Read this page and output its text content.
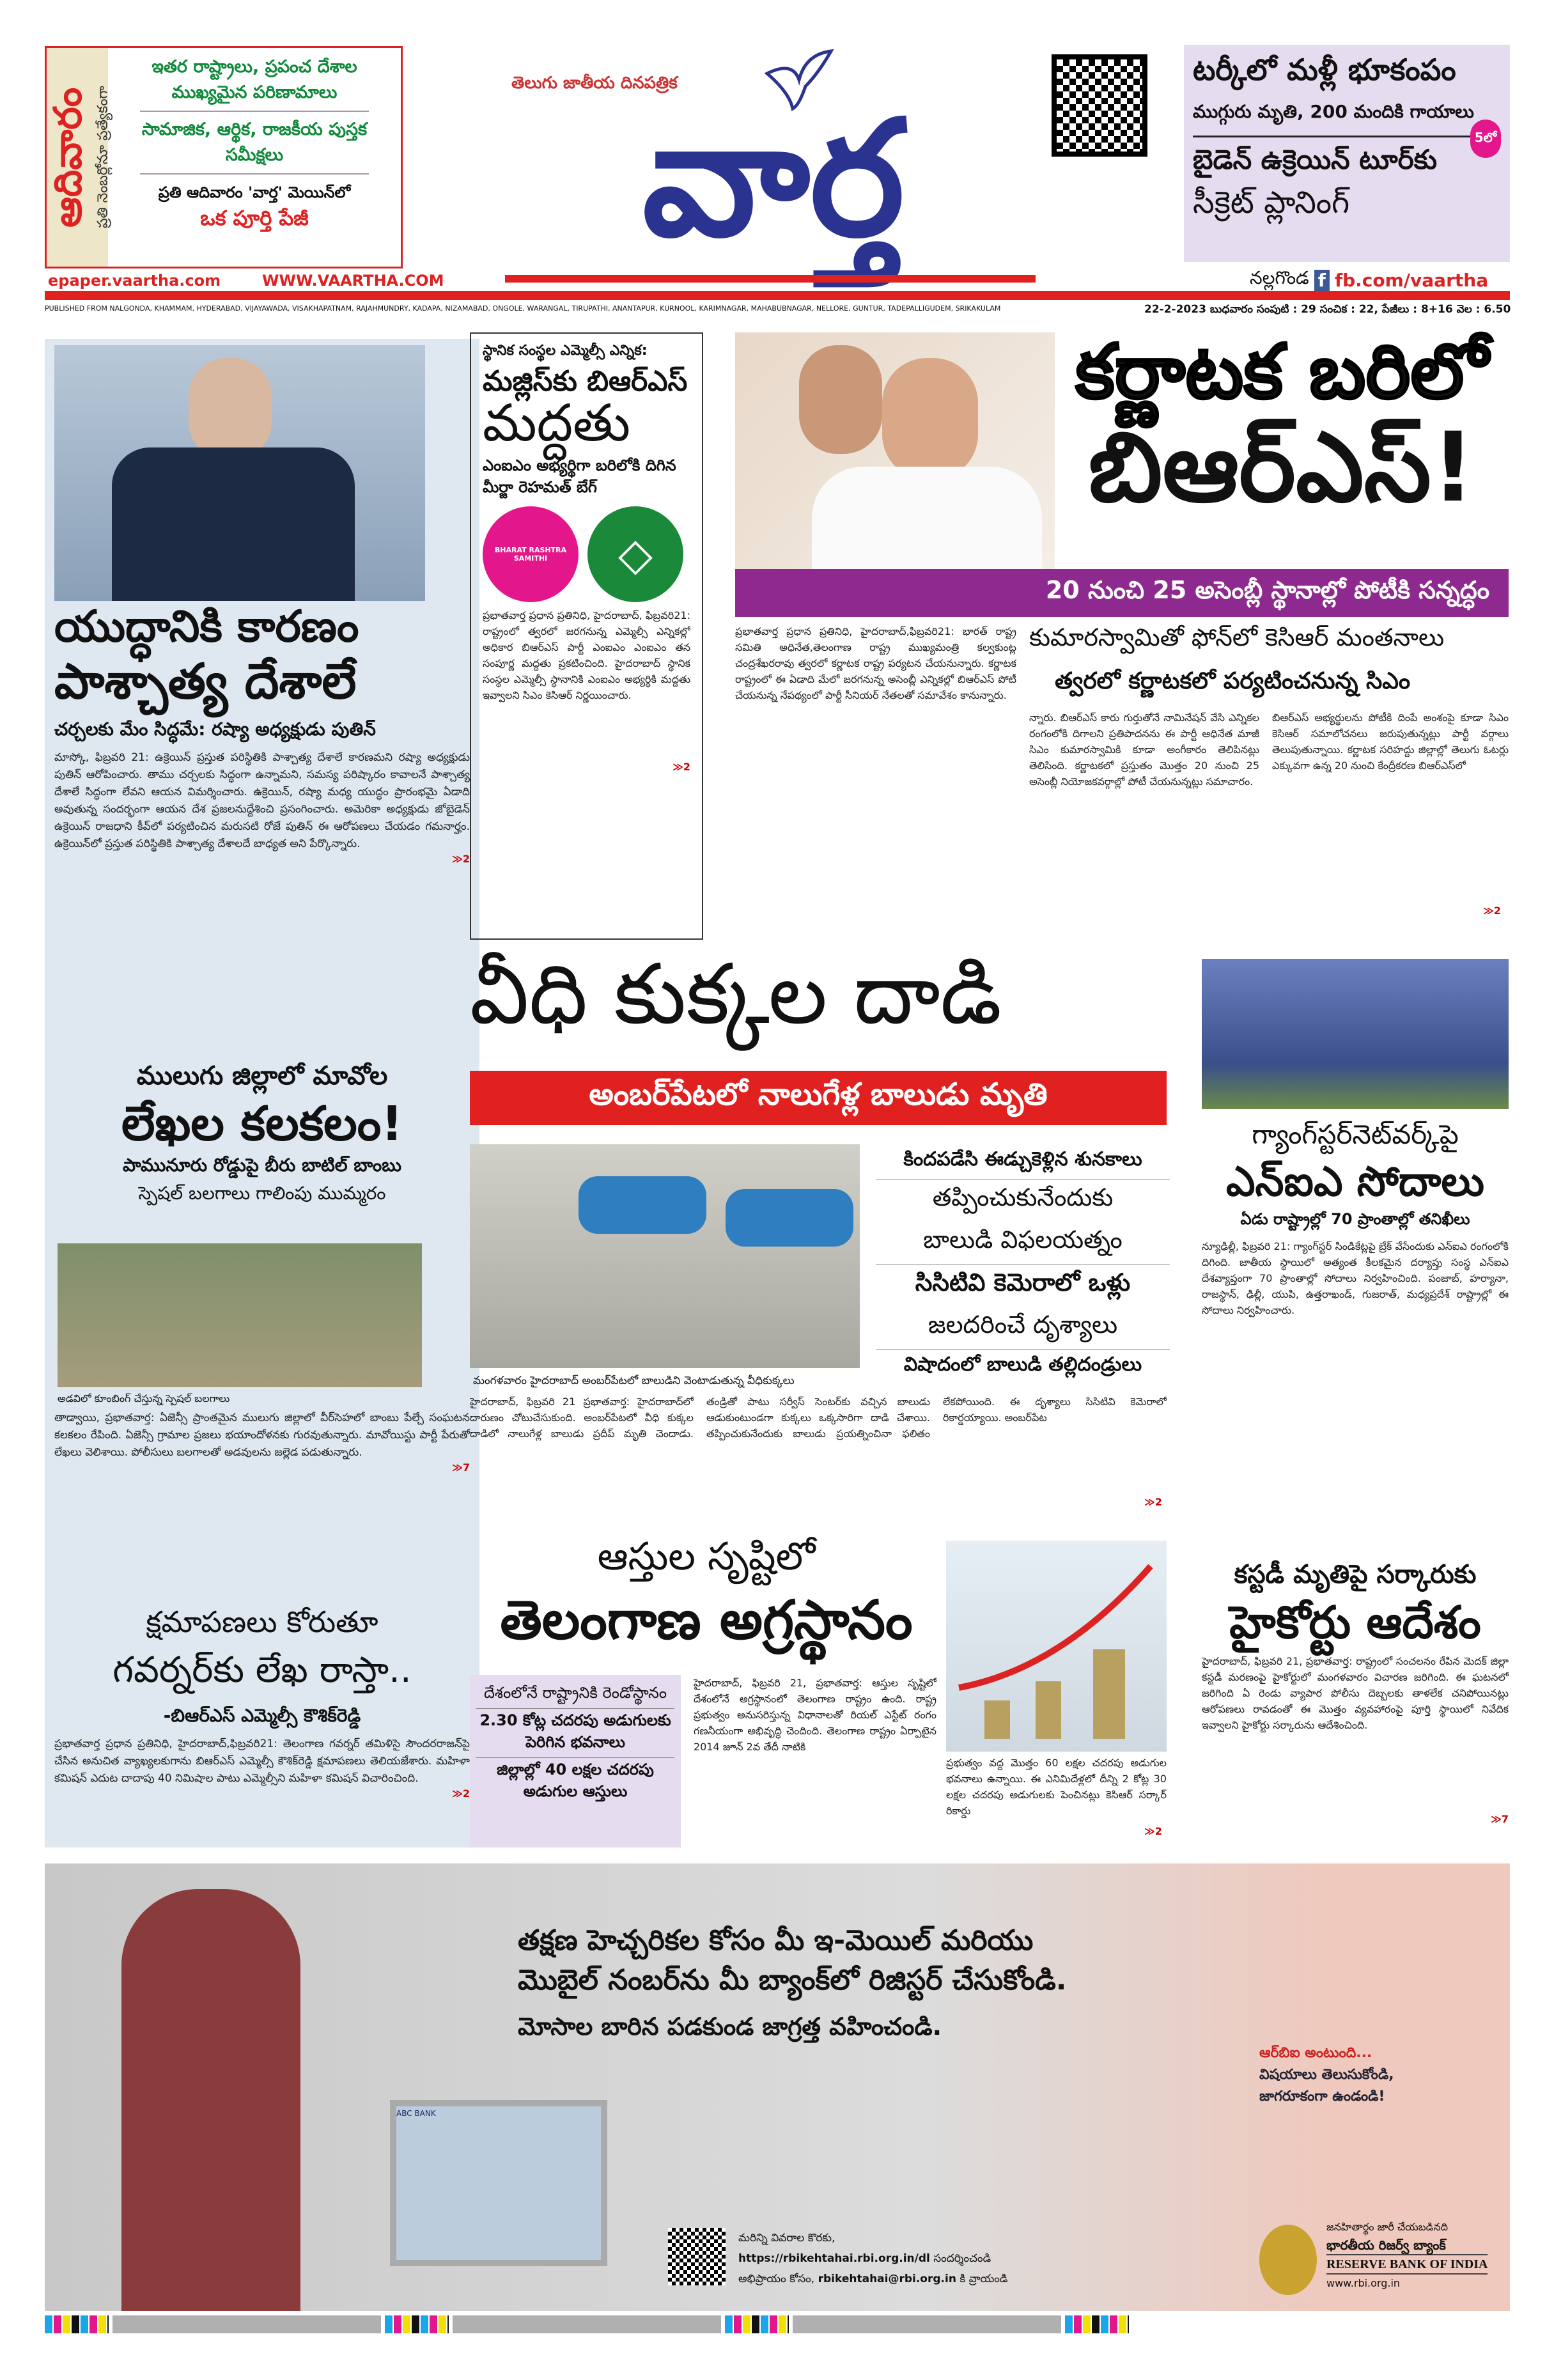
ఆదివారం ప్రతి నెంబర్లోనూ ప్రత్యేకంగా
ఇతర రాష్ట్రాలు, ప్రపంచ దేశాల ముఖ్యమైన పరిణామాలు
సామాజిక, ఆర్థిక, రాజకీయ పుస్తక సమీక్షలు
ప్రతి ఆదివారం 'వార్త' మెయిన్‌లో
ఒక పూర్తి పేజీ
epaper.vaartha.com	WWW.VAARTHA.COM
తెలుగు జాతీయ దినపత్రిక
వార్త
టర్కీలో మళ్లీ భూకంపం
ముగ్గురు మృతి, 200 మందికి గాయాలు
5లో
బైడెన్ ఉక్రెయిన్ టూర్‌కు
సీక్రెట్ ప్లానింగ్
నల్లగొండ f fb.com/vaartha
PUBLISHED FROM NALGONDA, KHAMMAM, HYDERABAD, VIJAYAWADA, VISAKHAPATNAM, RAJAHMUNDRY, KADAPA, NIZAMABAD, ONGOLE, WARANGAL, TIRUPATHI, ANANTAPUR, KURNOOL, KARIMNAGAR, MAHABUBNAGAR, NELLORE, GUNTUR, TADEPALLIGUDEM, SRIKAKULAM	22-2-2023 బుధవారం సంపుటి : 29 సంచిక : 22, పేజీలు : 8+16 వెల : 6.50
యుద్ధానికి కారణం
పాశ్చాత్య దేశాలే
చర్చలకు మేం సిద్ధమే: రష్యా అధ్యక్షుడు పుతిన్
మాస్కో, ఫిబ్రవరి 21: ఉక్రెయిన్ ప్రస్తుత పరిస్థితికి పాశ్చాత్య దేశాలే కారణమని రష్యా అధ్యక్షుడు పుతిన్ ఆరోపించారు. తాము చర్చలకు సిద్ధంగా ఉన్నామని, సమస్య పరిష్కారం కావాలనే పాశ్చాత్య దేశాలే సిద్ధంగా లేవని ఆయన విమర్శించారు. ఉక్రెయిన్, రష్యా మధ్య యుద్ధం ప్రారంభమై ఏడాది అవుతున్న సందర్భంగా ఆయన దేశ ప్రజలనుద్దేశించి ప్రసంగించారు. అమెరికా అధ్యక్షుడు జోబైడెన్ ఉక్రెయిన్ రాజధాని కీవ్‌లో పర్యటించిన మరుసటి రోజే పుతిన్ ఈ ఆరోపణలు చేయడం గమనార్హం. ఉక్రెయిన్‌లో ప్రస్తుత పరిస్థితికి పాశ్చాత్య దేశాలదే బాధ్యత అని పేర్కొన్నారు.
≫2
ములుగు జిల్లాలో మావోల
లేఖల కలకలం!
పామునూరు రోడ్డుపై బీరు బాటిల్ బాంబు
స్పెషల్ బలగాలు గాలింపు ముమ్మరం
అడవిలో కూంబింగ్ చేస్తున్న స్పెషల్ బలగాలు
తాడ్వాయి, ప్రభాతవార్త: ఏజెన్సీ ప్రాంతమైన ములుగు జిల్లాలో వీర్‌సెహలో బాంబు పేల్చే సంఘటన కలకలం రేపింది. ఏజెన్సీ గ్రామాల ప్రజలు భయాందోళనకు గురవుతున్నారు. మావోయిస్టు పార్టీ పేరుతో లేఖలు వెలిశాయి. పోలీసులు బలగాలతో అడవులను జల్లెడ పడుతున్నారు.
≫7
క్షమాపణలు కోరుతూ
గవర్నర్‌కు లేఖ రాస్తా..
-బిఆర్ఎస్ ఎమ్మెల్సీ కౌశిక్‌రెడ్డి
ప్రభాతవార్త ప్రధాన ప్రతినిధి, హైదరాబాద్,ఫిబ్రవరి21: తెలంగాణ గవర్నర్ తమిళిసై సౌందరరాజన్‌పై చేసిన అనుచిత వ్యాఖ్యలకుగాను బిఆర్ఎస్ ఎమ్మెల్సీ కౌశిక్‌రెడ్డి క్షమాపణలు తెలియజేశారు. మహిళా కమిషన్ ఎదుట దాదాపు 40 నిమిషాల పాటు ఎమ్మెల్సీని మహిళా కమిషన్ విచారించింది.
≫2
స్థానిక సంస్థల ఎమ్మెల్సీ ఎన్నిక:
మజ్లిస్‌కు బిఆర్ఎస్
మద్దతు
ఎంఐఎం అభ్యర్థిగా బరిలోకి దిగిన మీర్జా రెహమత్ బేగ్
BHARAT RASHTRA SAMITHI	◇
ప్రభాతవార్త ప్రధాన ప్రతినిధి, హైదరాబాద్, ఫిబ్రవరి21: రాష్ట్రంలో త్వరలో జరగనున్న ఎమ్మెల్సీ ఎన్నికల్లో అధికార బిఆర్ఎస్ పార్టీ ఎంఐఎం ఎంఐఎం తన సంపూర్ణ మద్దతు ప్రకటించింది. హైదరాబాద్ స్థానిక సంస్థల ఎమ్మెల్సీ స్థానానికి ఎంఐఎం అభ్యర్థికి మద్దతు ఇవ్వాలని సిఎం కెసిఆర్ నిర్ణయించారు.
≫2
కర్ణాటక బరిలో
బిఆర్ఎస్!
20 నుంచి 25 అసెంబ్లీ స్థానాల్లో పోటీకి సన్నద్ధం
ప్రభాతవార్త ప్రధాన ప్రతినిధి, హైదరాబాద్,ఫిబ్రవరి21: భారత్ రాష్ట్ర సమితి అధినేత,తెలంగాణ రాష్ట్ర ముఖ్యమంత్రి కల్వకుంట్ల చంద్రశేఖరరావు త్వరలో కర్ణాటక రాష్ట్ర పర్యటన చేయనున్నారు. కర్ణాటక రాష్ట్రంలో ఈ ఏడాది మేలో జరగనున్న అసెంబ్లీ ఎన్నికల్లో బిఆర్ఎస్ పోటీ చేయనున్న నేపథ్యంలో పార్టీ సీనియర్ నేతలతో సమావేశం కానున్నారు.
కుమారస్వామితో ఫోన్‌లో కెసిఆర్ మంతనాలు
త్వరలో కర్ణాటకలో పర్యటించనున్న సిఎం
న్నారు. బిఆర్ఎస్ కారు గుర్తుతోనే నామినేషన్ వేసి ఎన్నికల రంగంలోకి దిగాలని ప్రతిపాదనను ఈ పార్టీ ఆధినేత మాజీ సిఎం కుమారస్వామికి కూడా అంగీకారం తెలిపినట్లు తెలిసింది. కర్ణాటకలో ప్రస్తుతం మొత్తం 20 నుంచి 25 అసెంబ్లీ నియోజకవర్గాల్లో పోటీ చేయనున్నట్లు సమాచారం.
బిఆర్ఎస్ అభ్యర్థులను పోటీకి దింపే అంశంపై కూడా సిఎం కెసిఆర్ సమాలోచనలు జరుపుతున్నట్లు పార్టీ వర్గాలు తెలుపుతున్నాయి. కర్ణాటక సరిహద్దు జిల్లాల్లో తెలుగు ఓటర్లు ఎక్కువగా ఉన్న 20 నుంచి కేంద్రీకరణ బిఆర్ఎస్‌లో
≫2
వీధి కుక్కల దాడి
అంబర్‌పేటలో నాలుగేళ్ల బాలుడు మృతి
కిందపడేసి ఈడ్చుకెళ్లిన శునకాలు
తప్పించుకునేందుకు
బాలుడి విఫలయత్నం
సిసిటివి కెమెరాలో ఒళ్లు
జలదరించే దృశ్యాలు
విషాదంలో బాలుడి తల్లిదండ్రులు
మంగళవారం హైదరాబాద్ అంబర్‌పేటలో బాలుడిని వెంటాడుతున్న వీధికుక్కలు
హైదరాబాద్, ఫిబ్రవరి 21 ప్రభాతవార్త: హైదరాబాద్‌లో దారుణం చోటుచేసుకుంది. అంబర్‌పేటలో వీధి కుక్కల దాడిలో నాలుగేళ్ల బాలుడు ప్రదీప్ మృతి చెందాడు. తండ్రితో పాటు సర్వీస్ సెంటర్‌కు వచ్చిన బాలుడు ఆడుకుంటుండగా కుక్కలు ఒక్కసారిగా దాడి చేశాయి. తప్పించుకునేందుకు బాలుడు ప్రయత్నించినా ఫలితం లేకపోయింది. ఈ దృశ్యాలు సిసిటివి కెమెరాలో రికార్డయ్యాయి. అంబర్‌పేట
≫2
ఆస్తుల సృష్టిలో
తెలంగాణ అగ్రస్థానం
దేశంలోనే రాష్ట్రానికి రెండోస్థానం
2.30 కోట్ల చదరపు అడుగులకు పెరిగిన భవనాలు
జిల్లాల్లో 40 లక్షల చదరపు అడుగుల ఆస్తులు
హైదరాబాద్, ఫిబ్రవరి 21, ప్రభాతవార్త: ఆస్తుల సృష్టిలో దేశంలోనే అగ్రస్థానంలో తెలంగాణ రాష్ట్రం ఉంది. రాష్ట్ర ప్రభుత్వం అనుసరిస్తున్న విధానాలతో రియల్ ఎస్టేట్ రంగం గణనీయంగా అభివృద్ధి చెందింది. తెలంగాణ రాష్ట్రం ఏర్పాటైన 2014 జూన్ 2వ తేదీ నాటికి
ప్రభుత్వం వద్ద మొత్తం 60 లక్షల చదరపు అడుగుల భవనాలు ఉన్నాయి. ఈ ఎనిమిదేళ్లలో దీన్ని 2 కోట్ల 30 లక్షల చదరపు అడుగులకు పెంచినట్లు కెసిఆర్ సర్కార్ రికార్డు
≫2
గ్యాంగ్‌స్టర్‌నెట్‌వర్క్‌పై
ఎన్ఐఎ సోదాలు
ఏడు రాష్ట్రాల్లో 70 ప్రాంతాల్లో తనిఖీలు
న్యూఢిల్లీ, ఫిబ్రవరి 21: గ్యాంగ్‌స్టర్ సిండికేట్లపై బ్రేక్ వేసేందుకు ఎన్ఐఎ రంగంలోకి దిగింది. జాతీయ స్థాయిలో అత్యంత కీలకమైన దర్యాప్తు సంస్థ ఎన్ఐఎ దేశవ్యాప్తంగా 70 ప్రాంతాల్లో సోదాలు నిర్వహించింది. పంజాబ్, హర్యానా, రాజస్థాన్, ఢిల్లీ, యుపి, ఉత్తరాఖండ్, గుజరాత్, మధ్యప్రదేశ్ రాష్ట్రాల్లో ఈ సోదాలు నిర్వహించారు.
కస్టడీ మృతిపై సర్కారుకు
హైకోర్టు ఆదేశం
హైదరాబాద్, ఫిబ్రవరి 21, ప్రభాతవార్త: రాష్ట్రంలో సంచలనం రేపిన మెదక్ జిల్లా కస్టడీ మరణంపై హైకోర్టులో మంగళవారం విచారణ జరిగింది. ఈ ఘటనలో జరిగింది ఏ రెండు వ్యాపార పోలీసు దెబ్బలకు తాళలేక చనిపోయినట్లు ఆరోపణలు రావడంతో ఈ మొత్తం వ్యవహారంపై పూర్తి స్థాయిలో నివేదిక ఇవ్వాలని హైకోర్టు సర్కారును ఆదేశించింది.
≫7
ABC BANK
తక్షణ హెచ్చరికల కోసం మీ ఇ-మెయిల్ మరియు
మొబైల్ నంబర్‌ను మీ బ్యాంక్‌లో రిజిస్టర్ చేసుకోండి.
మోసాల బారిన పడకుండ జాగ్రత్త వహించండి.
ఆర్‌బిఐ అంటుంది...
విషయాలు తెలుసుకోండి,
జాగరూకంగా ఉండండి!
మరిన్ని వివరాల కొరకు,
https://rbikehtahai.rbi.org.in/dl సందర్శించండి
అభిప్రాయం కోసం, rbikehtahai@rbi.org.in కి వ్రాయండి
జనహితార్థం జారీ చేయబడినది
భారతీయ రిజర్వ్ బ్యాంక్
RESERVE BANK OF INDIA
www.rbi.org.in
